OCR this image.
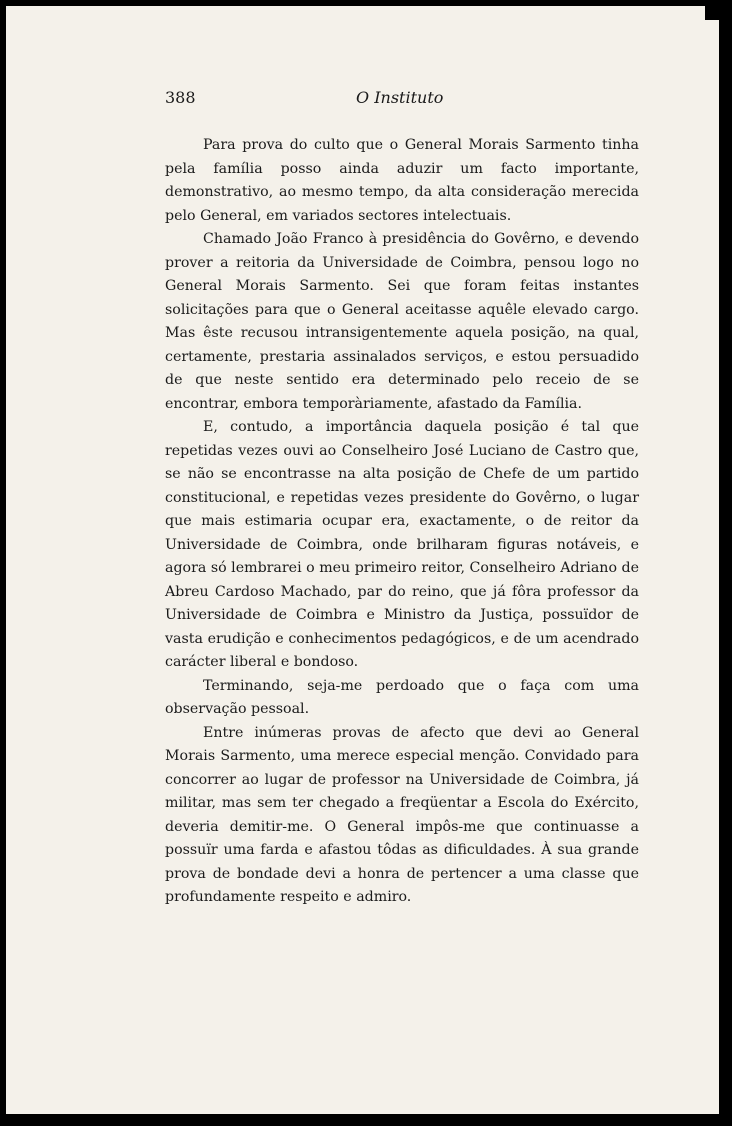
388	O Instituto

Para prova do culto que o General Morais Sarmento tinha pela família posso ainda aduzir um facto importante, demonstrativo, ao mesmo tempo, da alta consideração merecida pelo General, em variados sectores intelectuais.

Chamado João Franco à presidência do Govêrno, e devendo prover a reitoria da Universidade de Coimbra, pensou logo no General Morais Sarmento. Sei que foram feitas instantes solicitações para que o General aceitasse aquêle elevado cargo. Mas êste recusou intransigentemente aquela posição, na qual, certamente, prestaria assinalados serviços, e estou persuadido de que neste sentido era determinado pelo receio de se encontrar, embora temporàriamente, afastado da Família.

E, contudo, a importância daquela posição é tal que repetidas vezes ouvi ao Conselheiro José Luciano de Castro que, se não se encontrasse na alta posição de Chefe de um partido constitucional, e repetidas vezes presidente do Govêrno, o lugar que mais estimaria ocupar era, exactamente, o de reitor da Universidade de Coimbra, onde brilharam figuras notáveis, e agora só lembrarei o meu primeiro reitor, Conselheiro Adriano de Abreu Cardoso Machado, par do reino, que já fôra professor da Universidade de Coimbra e Ministro da Justiça, possuïdor de vasta erudição e conhecimentos pedagógicos, e de um acendrado carácter liberal e bondoso.

Terminando, seja-me perdoado que o faça com uma observação pessoal.

Entre inúmeras provas de afecto que devi ao General Morais Sarmento, uma merece especial menção. Convidado para concorrer ao lugar de professor na Universidade de Coimbra, já militar, mas sem ter chegado a freqüentar a Escola do Exército, deveria demitir-me. O General impôs-me que continuasse a possuïr uma farda e afastou tôdas as dificuldades. À sua grande prova de bondade devi a honra de pertencer a uma classe que profundamente respeito e admiro.
